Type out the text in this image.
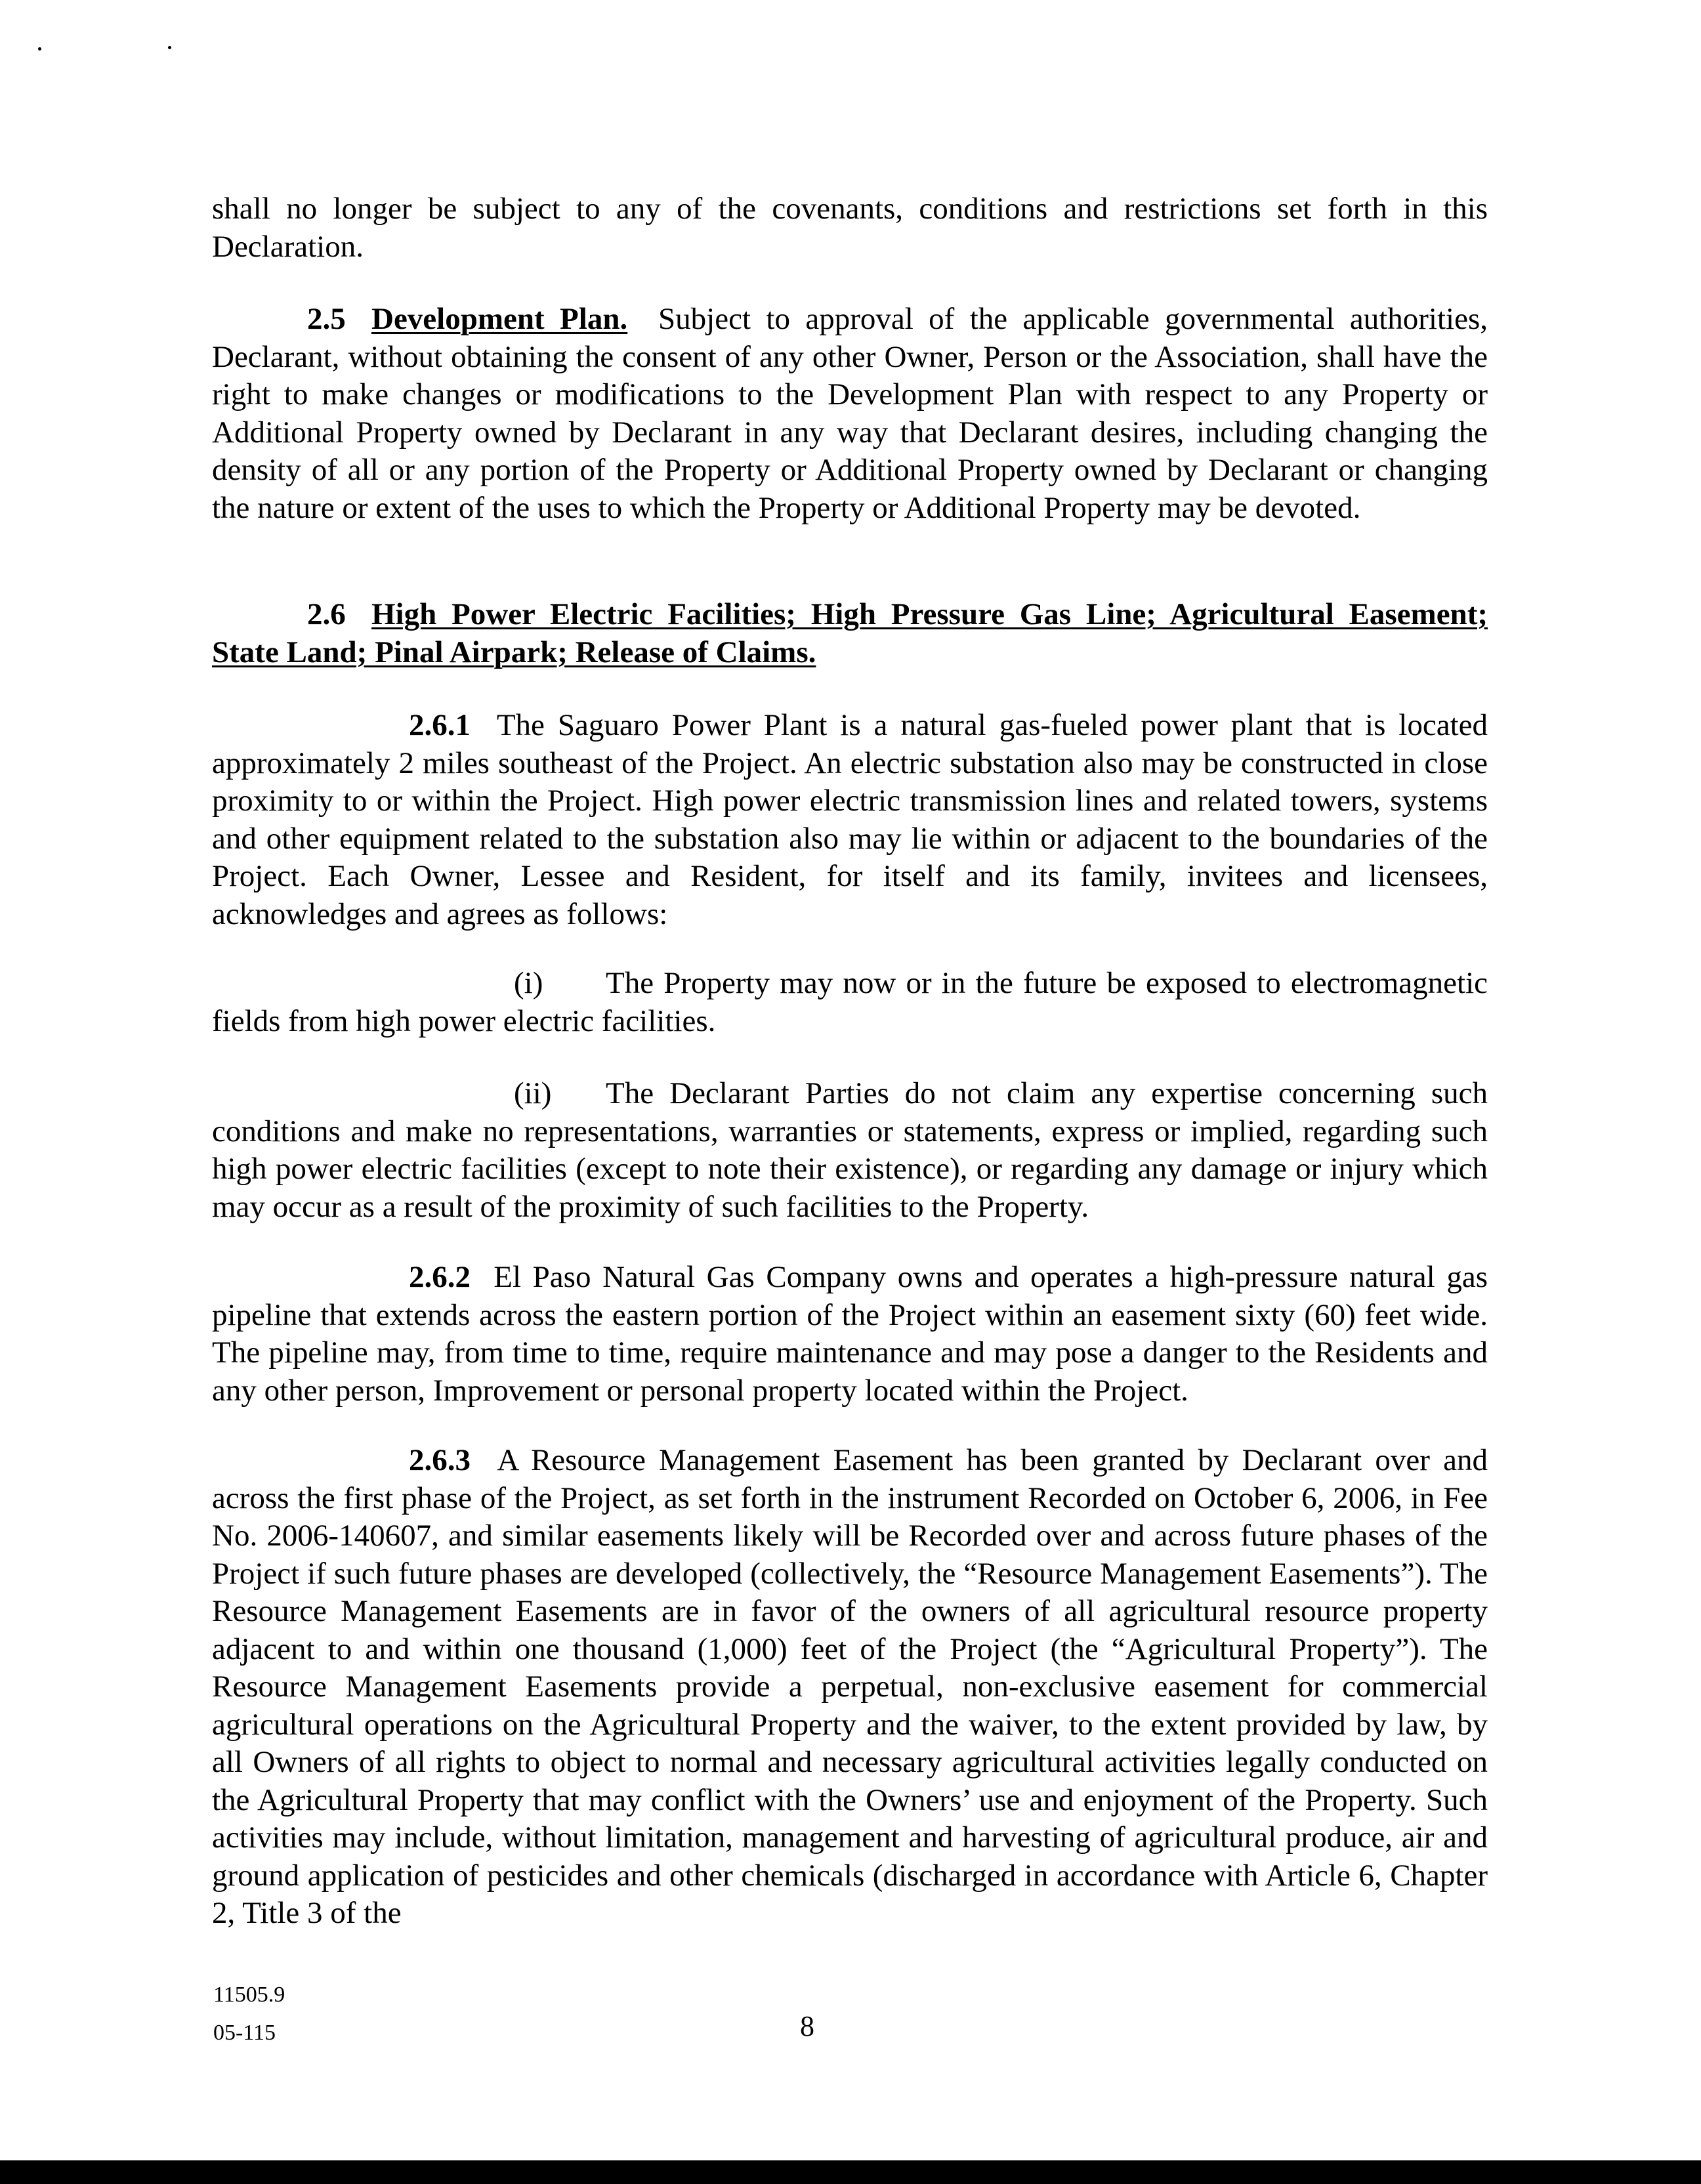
shall no longer be subject to any of the covenants, conditions and restrictions set forth in this Declaration.

2.5 Development Plan. Subject to approval of the applicable governmental authorities, Declarant, without obtaining the consent of any other Owner, Person or the Association, shall have the right to make changes or modifications to the Development Plan with respect to any Property or Additional Property owned by Declarant in any way that Declarant desires, including changing the density of all or any portion of the Property or Additional Property owned by Declarant or changing the nature or extent of the uses to which the Property or Additional Property may be devoted.

2.6 High Power Electric Facilities; High Pressure Gas Line; Agricultural Easement; State Land; Pinal Airpark; Release of Claims.

2.6.1 The Saguaro Power Plant is a natural gas-fueled power plant that is located approximately 2 miles southeast of the Project. An electric substation also may be constructed in close proximity to or within the Project. High power electric transmission lines and related towers, systems and other equipment related to the substation also may lie within or adjacent to the boundaries of the Project. Each Owner, Lessee and Resident, for itself and its family, invitees and licensees, acknowledges and agrees as follows:

(i) The Property may now or in the future be exposed to electromagnetic fields from high power electric facilities.

(ii) The Declarant Parties do not claim any expertise concerning such conditions and make no representations, warranties or statements, express or implied, regarding such high power electric facilities (except to note their existence), or regarding any damage or injury which may occur as a result of the proximity of such facilities to the Property.

2.6.2 El Paso Natural Gas Company owns and operates a high-pressure natural gas pipeline that extends across the eastern portion of the Project within an easement sixty (60) feet wide. The pipeline may, from time to time, require maintenance and may pose a danger to the Residents and any other person, Improvement or personal property located within the Project.

2.6.3 A Resource Management Easement has been granted by Declarant over and across the first phase of the Project, as set forth in the instrument Recorded on October 6, 2006, in Fee No. 2006-140607, and similar easements likely will be Recorded over and across future phases of the Project if such future phases are developed (collectively, the “Resource Management Easements”). The Resource Management Easements are in favor of the owners of all agricultural resource property adjacent to and within one thousand (1,000) feet of the Project (the “Agricultural Property”). The Resource Management Easements provide a perpetual, non-exclusive easement for commercial agricultural operations on the Agricultural Property and the waiver, to the extent provided by law, by all Owners of all rights to object to normal and necessary agricultural activities legally conducted on the Agricultural Property that may conflict with the Owners’ use and enjoyment of the Property. Such activities may include, without limitation, management and harvesting of agricultural produce, air and ground application of pesticides and other chemicals (discharged in accordance with Article 6, Chapter 2, Title 3 of the

11505.9
05-115	8
